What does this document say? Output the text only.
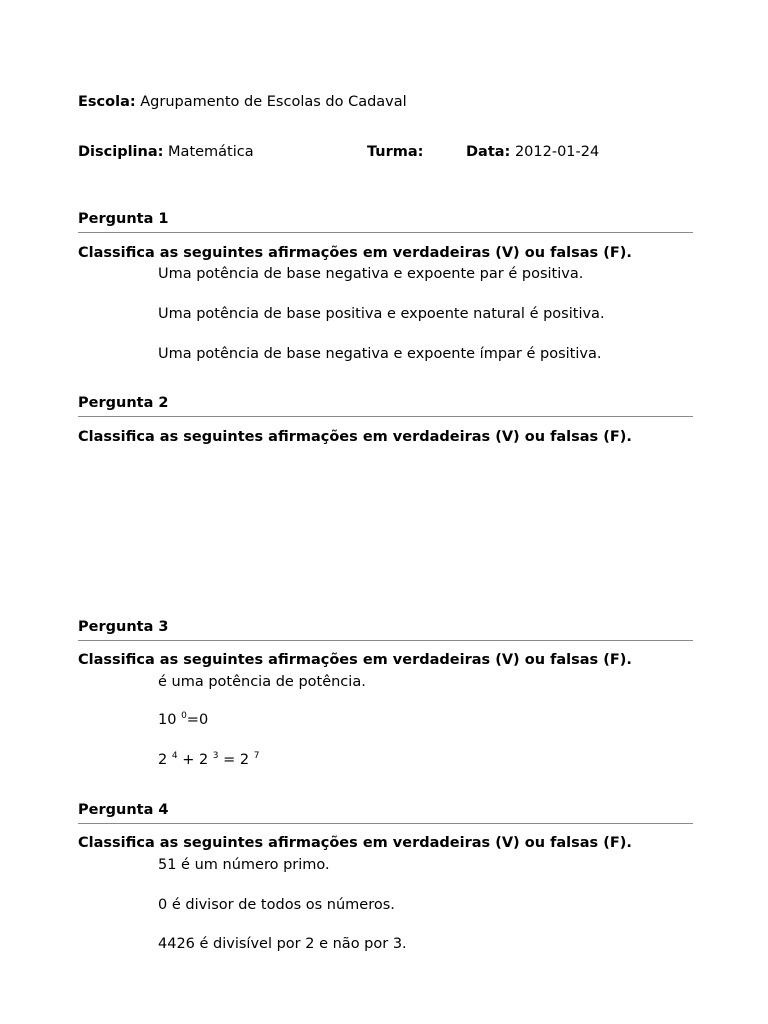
Escola: Agrupamento de Escolas do Cadaval
Disciplina: Matemática	Turma:	Data: 2012-01-24
Pergunta 1
Classifica as seguintes afirmações em verdadeiras (V) ou falsas (F).
Uma potência de base negativa e expoente par é positiva.
Uma potência de base positiva e expoente natural é positiva.
Uma potência de base negativa e expoente ímpar é positiva.
Pergunta 2
Classifica as seguintes afirmações em verdadeiras (V) ou falsas (F).
Pergunta 3
Classifica as seguintes afirmações em verdadeiras (V) ou falsas (F).
é uma potência de potência.
10 $^0$=0
2 $^4$ + 2 $^3$ = 2 $^7$
Pergunta 4
Classifica as seguintes afirmações em verdadeiras (V) ou falsas (F).
51 é um número primo.
0 é divisor de todos os números.
4426 é divisível por 2 e não por 3.
